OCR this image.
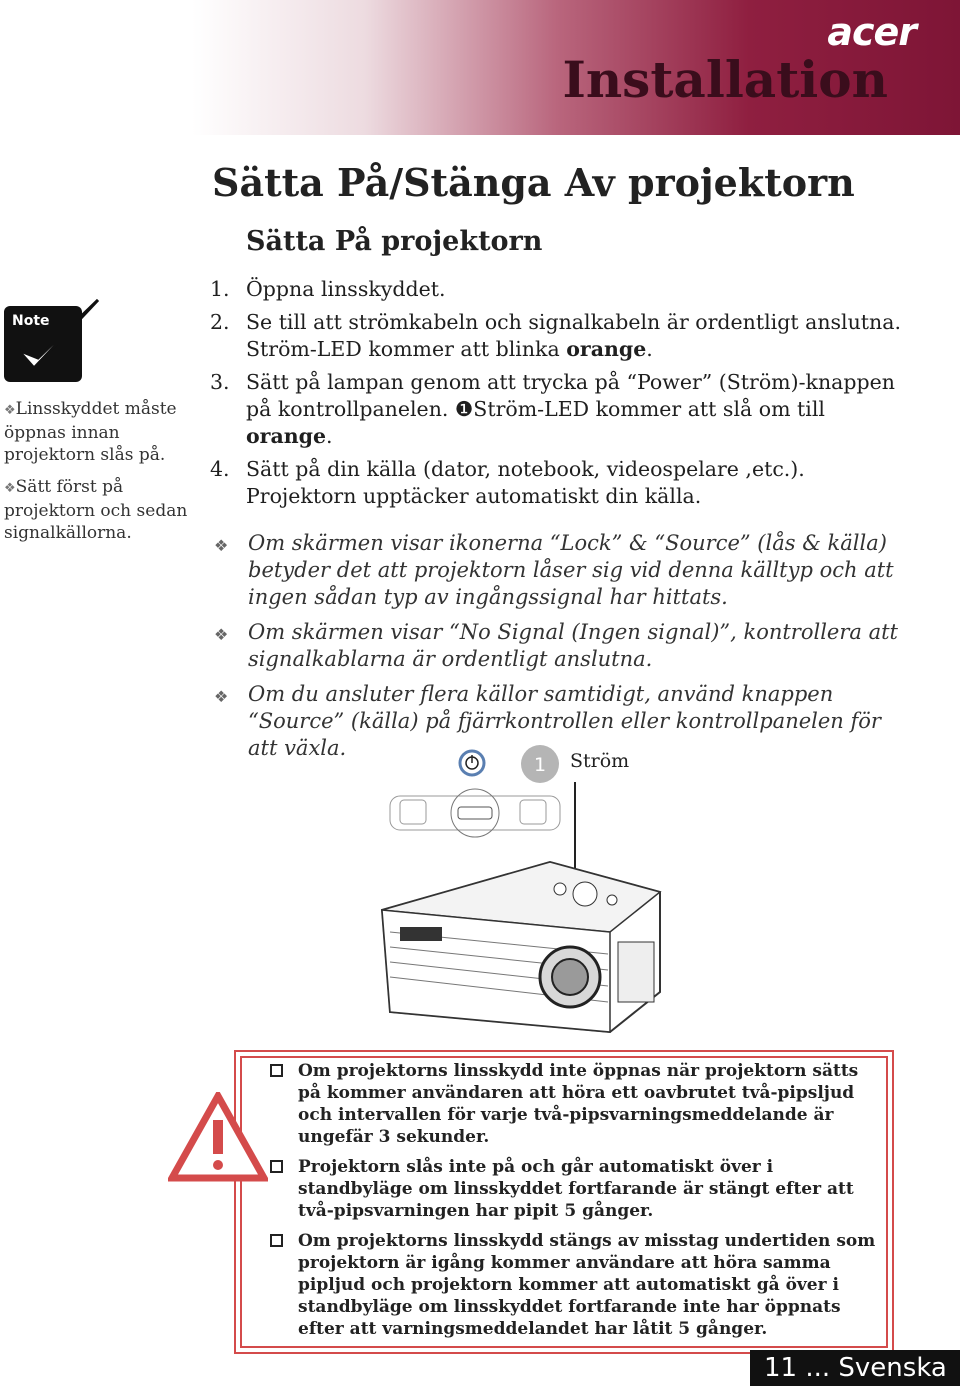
acer
Installation
Sätta På/Stänga Av projektorn
Sätta På projektorn
Note
❖Linsskyddet måste öppnas innan projektorn slås på.
❖Sätt först på projektorn och sedan signalkällorna.
1. Öppna linsskyddet.
2. Se till att strömkabeln och signalkabeln är ordentligt anslutna. Ström-LED kommer att blinka orange.
3. Sätt på lampan genom att trycka på “Power” (Ström)-knappen på kontrollpanelen. ❶Ström-LED kommer att slå om till orange.
4. Sätt på din källa (dator, notebook, videospelare ,etc.). Projektorn upptäcker automatiskt din källa.
❖ Om skärmen visar ikonerna “Lock” & “Source” (lås & källa) betyder det att projektorn låser sig vid denna källtyp och att ingen sådan typ av ingångssignal har hittats.
❖ Om skärmen visar “No Signal (Ingen signal)”, kontrollera att signalkablarna är ordentligt anslutna.
❖ Om du ansluter flera källor samtidigt, använd knappen “Source” (källa) på fjärrkontrollen eller kontrollpanelen för att växla.
1 Ström
Om projektorns linsskydd inte öppnas när projektorn sätts på kommer användaren att höra ett oavbrutet två-pipsljud och intervallen för varje två-pipsvarningsmeddelande är ungefär 3 sekunder.
Projektorn slås inte på och går automatiskt över i standbyläge om linsskyddet fortfarande är stängt efter att två-pipsvarningen har pipit 5 gånger.
Om projektorns linsskydd stängs av misstag undertiden som projektorn är igång kommer användare att höra samma pipljud och projektorn kommer att automatiskt gå över i standbyläge om linsskyddet fortfarande inte har öppnats efter att varningsmeddelandet har låtit 5 gånger.
11 ... Svenska
